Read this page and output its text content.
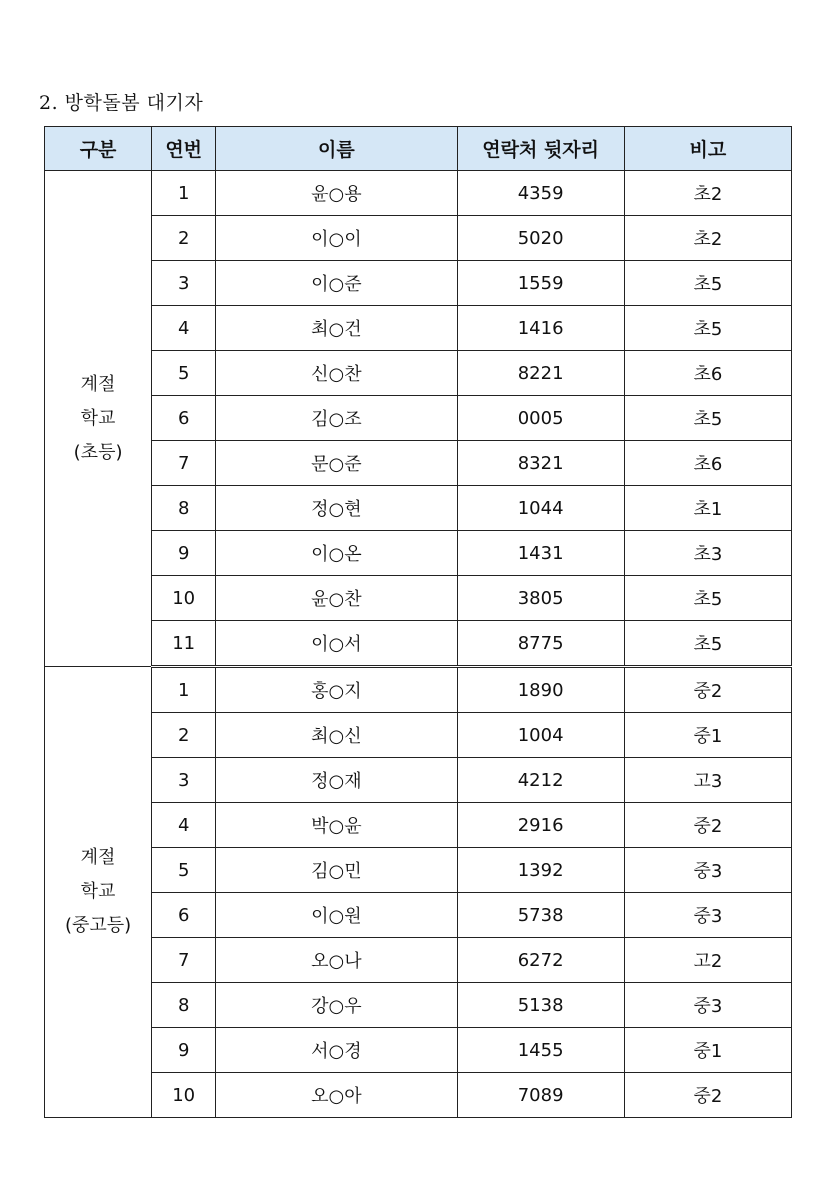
2. 방학돌봄 대기자
구분	연번	이름	연락처 뒷자리	비고

계절
학교
(초등)	1	윤○용	4359	초2
	2	이○이	5020	초2
	3	이○준	1559	초5
	4	최○건	1416	초5
	5	신○찬	8221	초6
	6	김○조	0005	초5
	7	문○준	8321	초6
	8	정○현	1044	초1
	9	이○온	1431	초3
	10	윤○찬	3805	초5
	11	이○서	8775	초5

계절
학교
(중고등)	1	홍○지	1890	중2
	2	최○신	1004	중1
	3	정○재	4212	고3
	4	박○윤	2916	중2
	5	김○민	1392	중3
	6	이○원	5738	중3
	7	오○나	6272	고2
	8	강○우	5138	중3
	9	서○경	1455	중1
	10	오○아	7089	중2
